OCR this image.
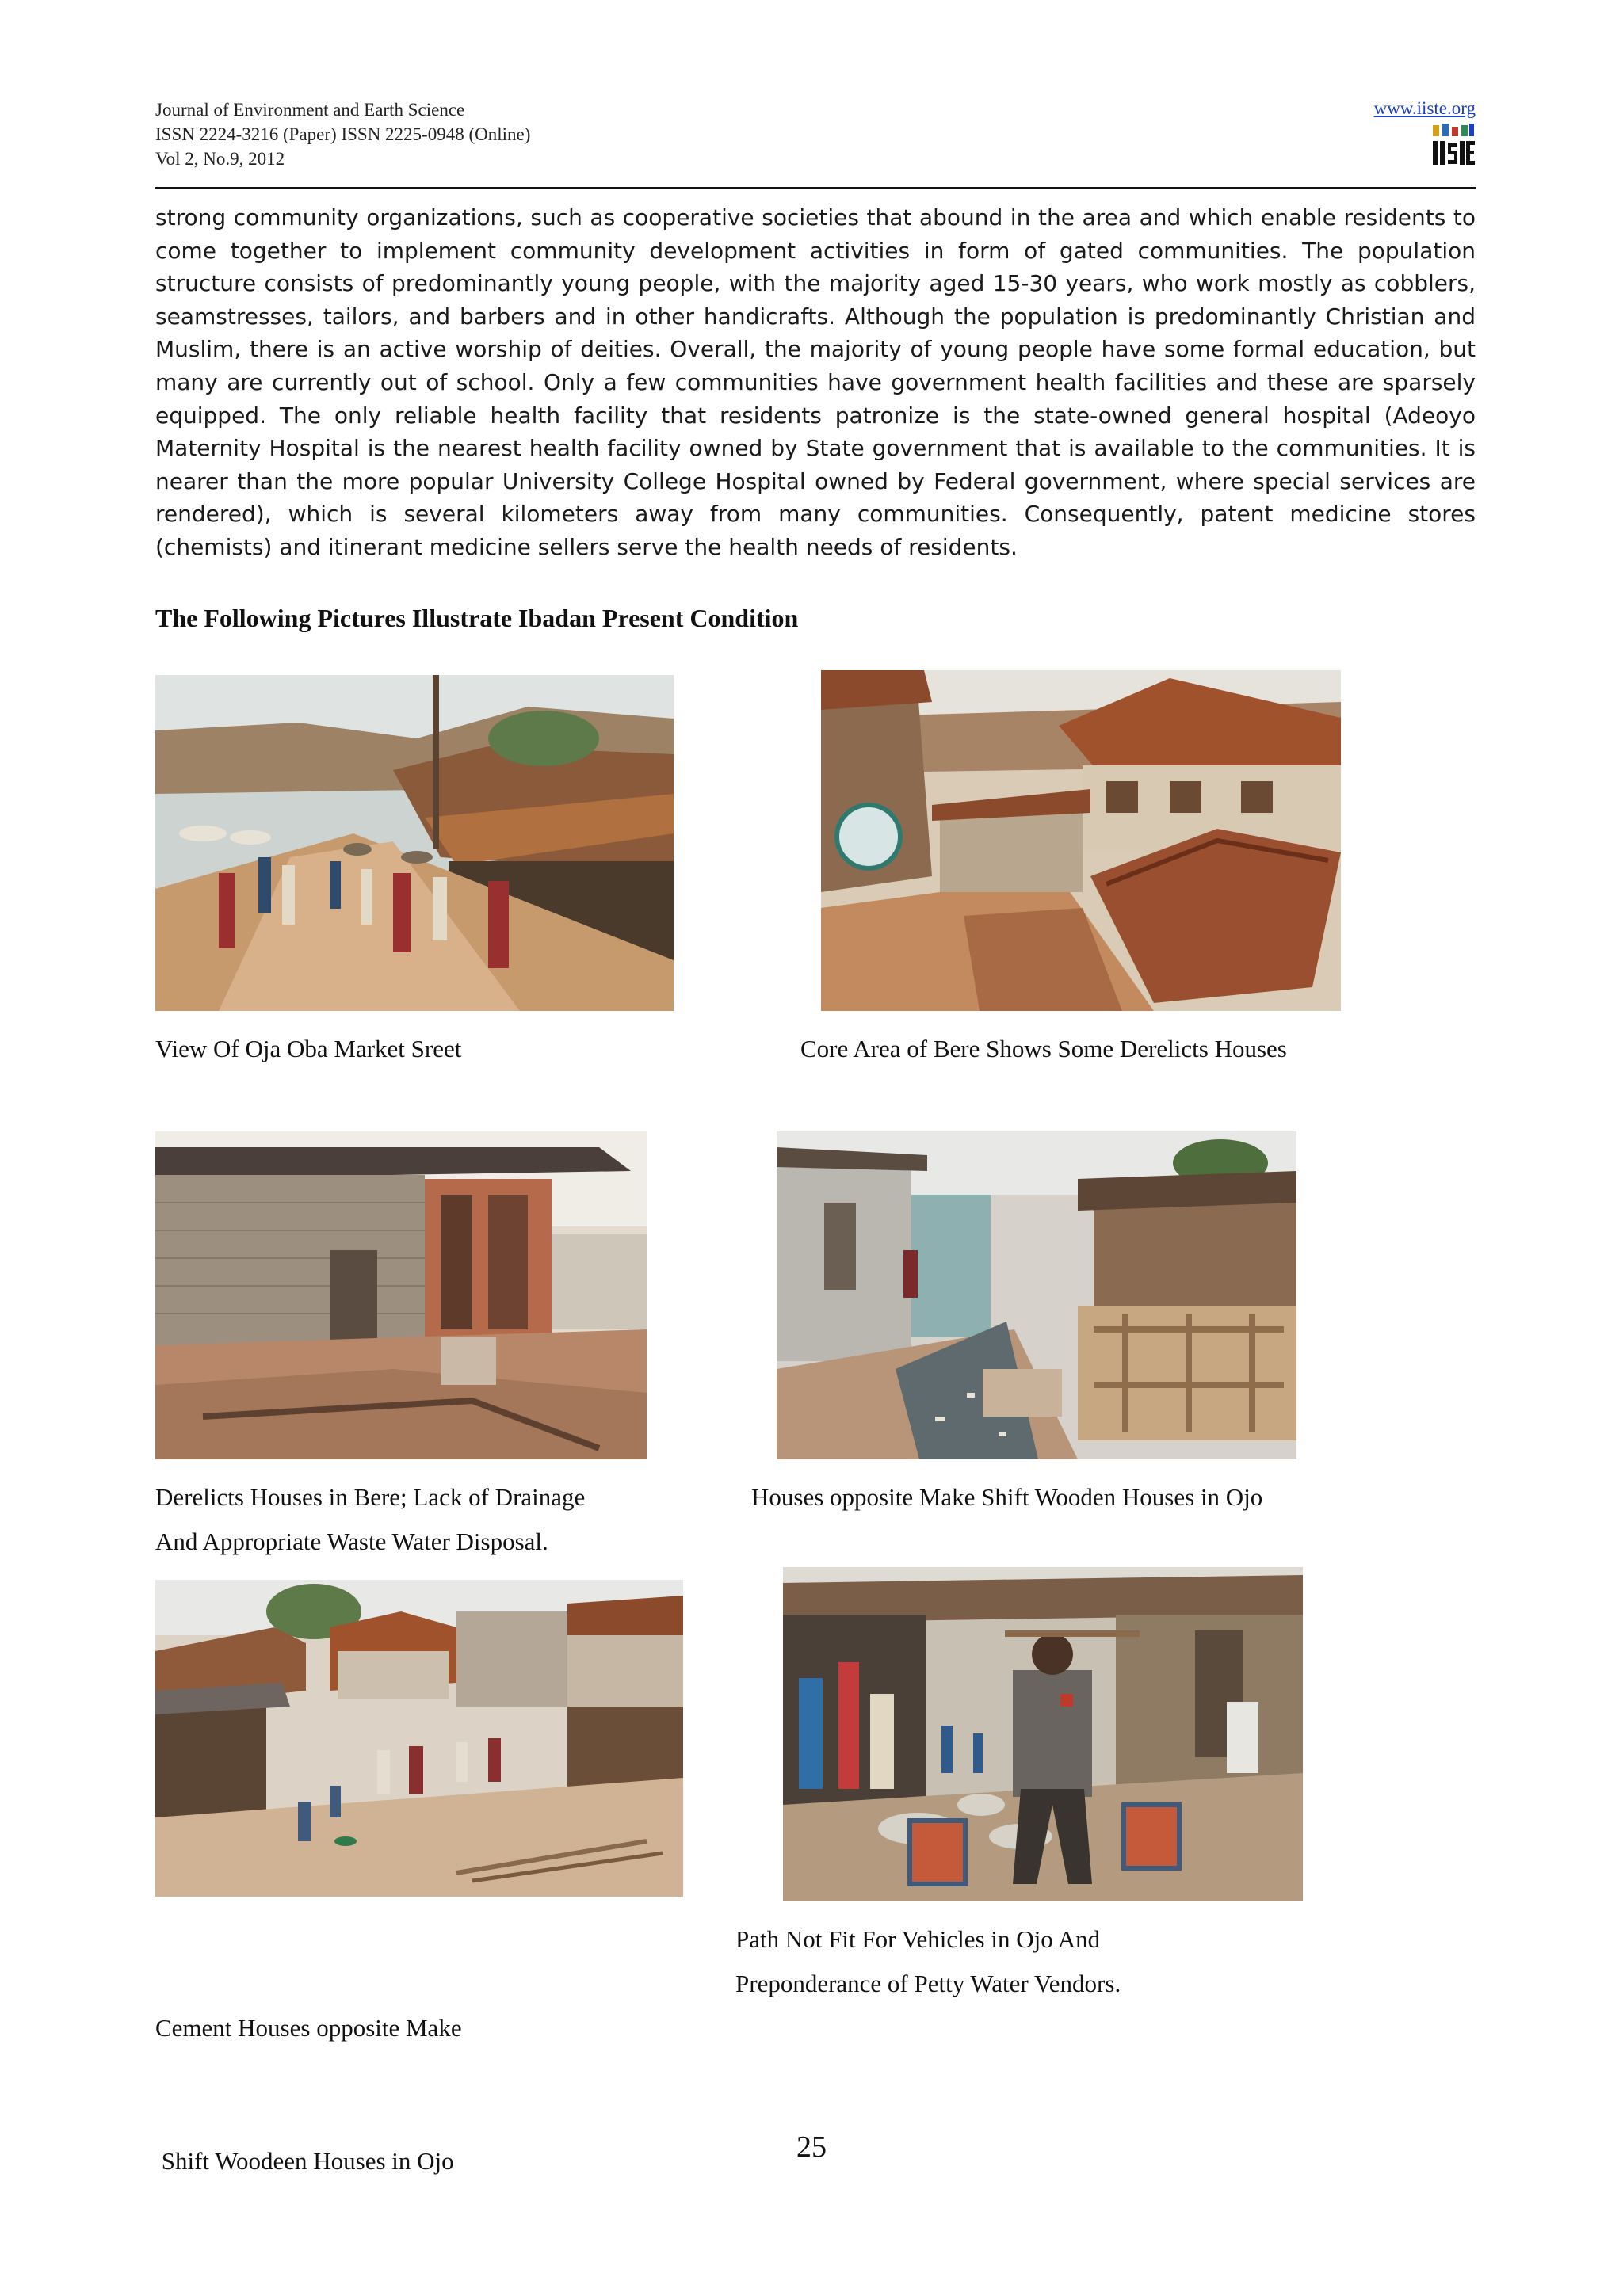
Journal of Environment and Earth Science
ISSN 2224-3216 (Paper) ISSN 2225-0948 (Online)
Vol 2, No.9, 2012
www.iiste.org
strong community organizations, such as cooperative societies that abound in the area and which enable residents to come together to implement community development activities in form of gated communities. The population structure consists of predominantly young people, with the majority aged 15-30 years, who work mostly as cobblers, seamstresses, tailors, and barbers and in other handicrafts. Although the population is predominantly Christian and Muslim, there is an active worship of deities. Overall, the majority of young people have some formal education, but many are currently out of school. Only a few communities have government health facilities and these are sparsely equipped. The only reliable health facility that residents patronize is the state-owned general hospital (Adeoyo Maternity Hospital is the nearest health facility owned by State government that is available to the communities. It is nearer than the more popular University College Hospital owned by Federal government, where special services are rendered), which is several kilometers away from many communities. Consequently, patent medicine stores (chemists) and itinerant medicine sellers serve the health needs of residents.
The Following Pictures Illustrate Ibadan Present Condition
View Of Oja Oba Market Sreet	Core Area of Bere Shows Some Derelicts Houses
Derelicts Houses in Bere; Lack of Drainage
And Appropriate Waste Water Disposal.
Houses opposite Make Shift Wooden Houses in Ojo

Cement Houses opposite Make

Shift Woodeen Houses in Ojo

Path Not Fit For Vehicles in Ojo And
Preponderance of Petty Water Vendors.
25
